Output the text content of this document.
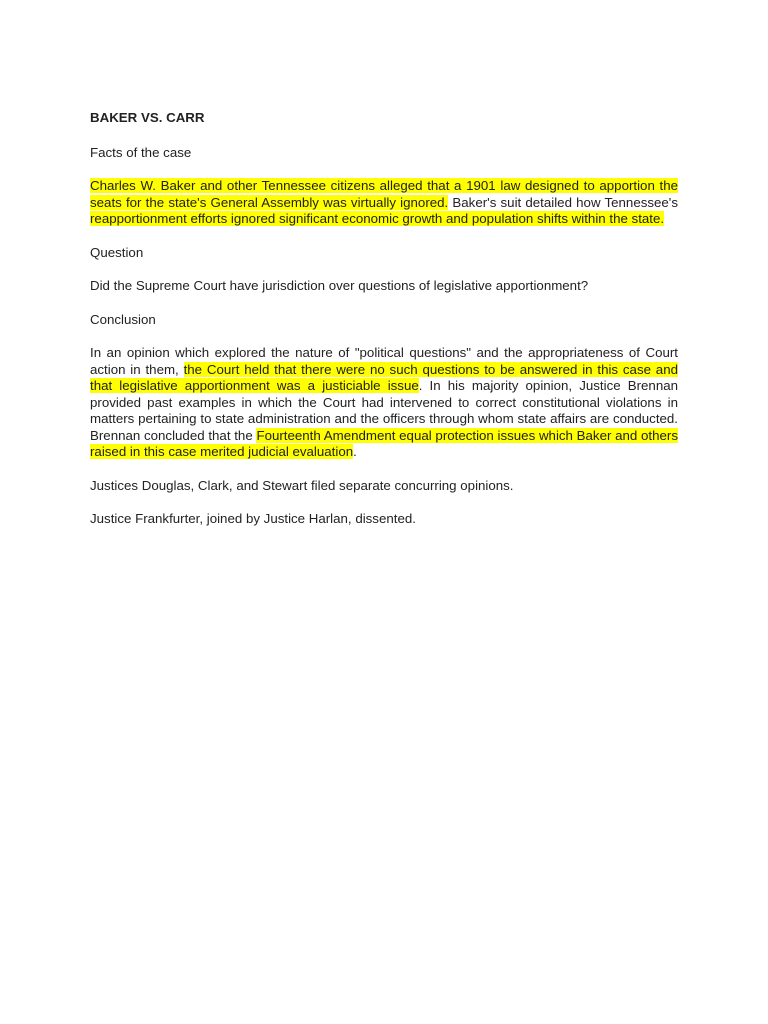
BAKER VS. CARR
Facts of the case
Charles W. Baker and other Tennessee citizens alleged that a 1901 law designed to apportion the seats for the state's General Assembly was virtually ignored. Baker's suit detailed how Tennessee's reapportionment efforts ignored significant economic growth and population shifts within the state.
Question
Did the Supreme Court have jurisdiction over questions of legislative apportionment?
Conclusion
In an opinion which explored the nature of "political questions" and the appropriateness of Court action in them, the Court held that there were no such questions to be answered in this case and that legislative apportionment was a justiciable issue. In his majority opinion, Justice Brennan provided past examples in which the Court had intervened to correct constitutional violations in matters pertaining to state administration and the officers through whom state affairs are conducted. Brennan concluded that the Fourteenth Amendment equal protection issues which Baker and others raised in this case merited judicial evaluation.
Justices Douglas, Clark, and Stewart filed separate concurring opinions.
Justice Frankfurter, joined by Justice Harlan, dissented.
